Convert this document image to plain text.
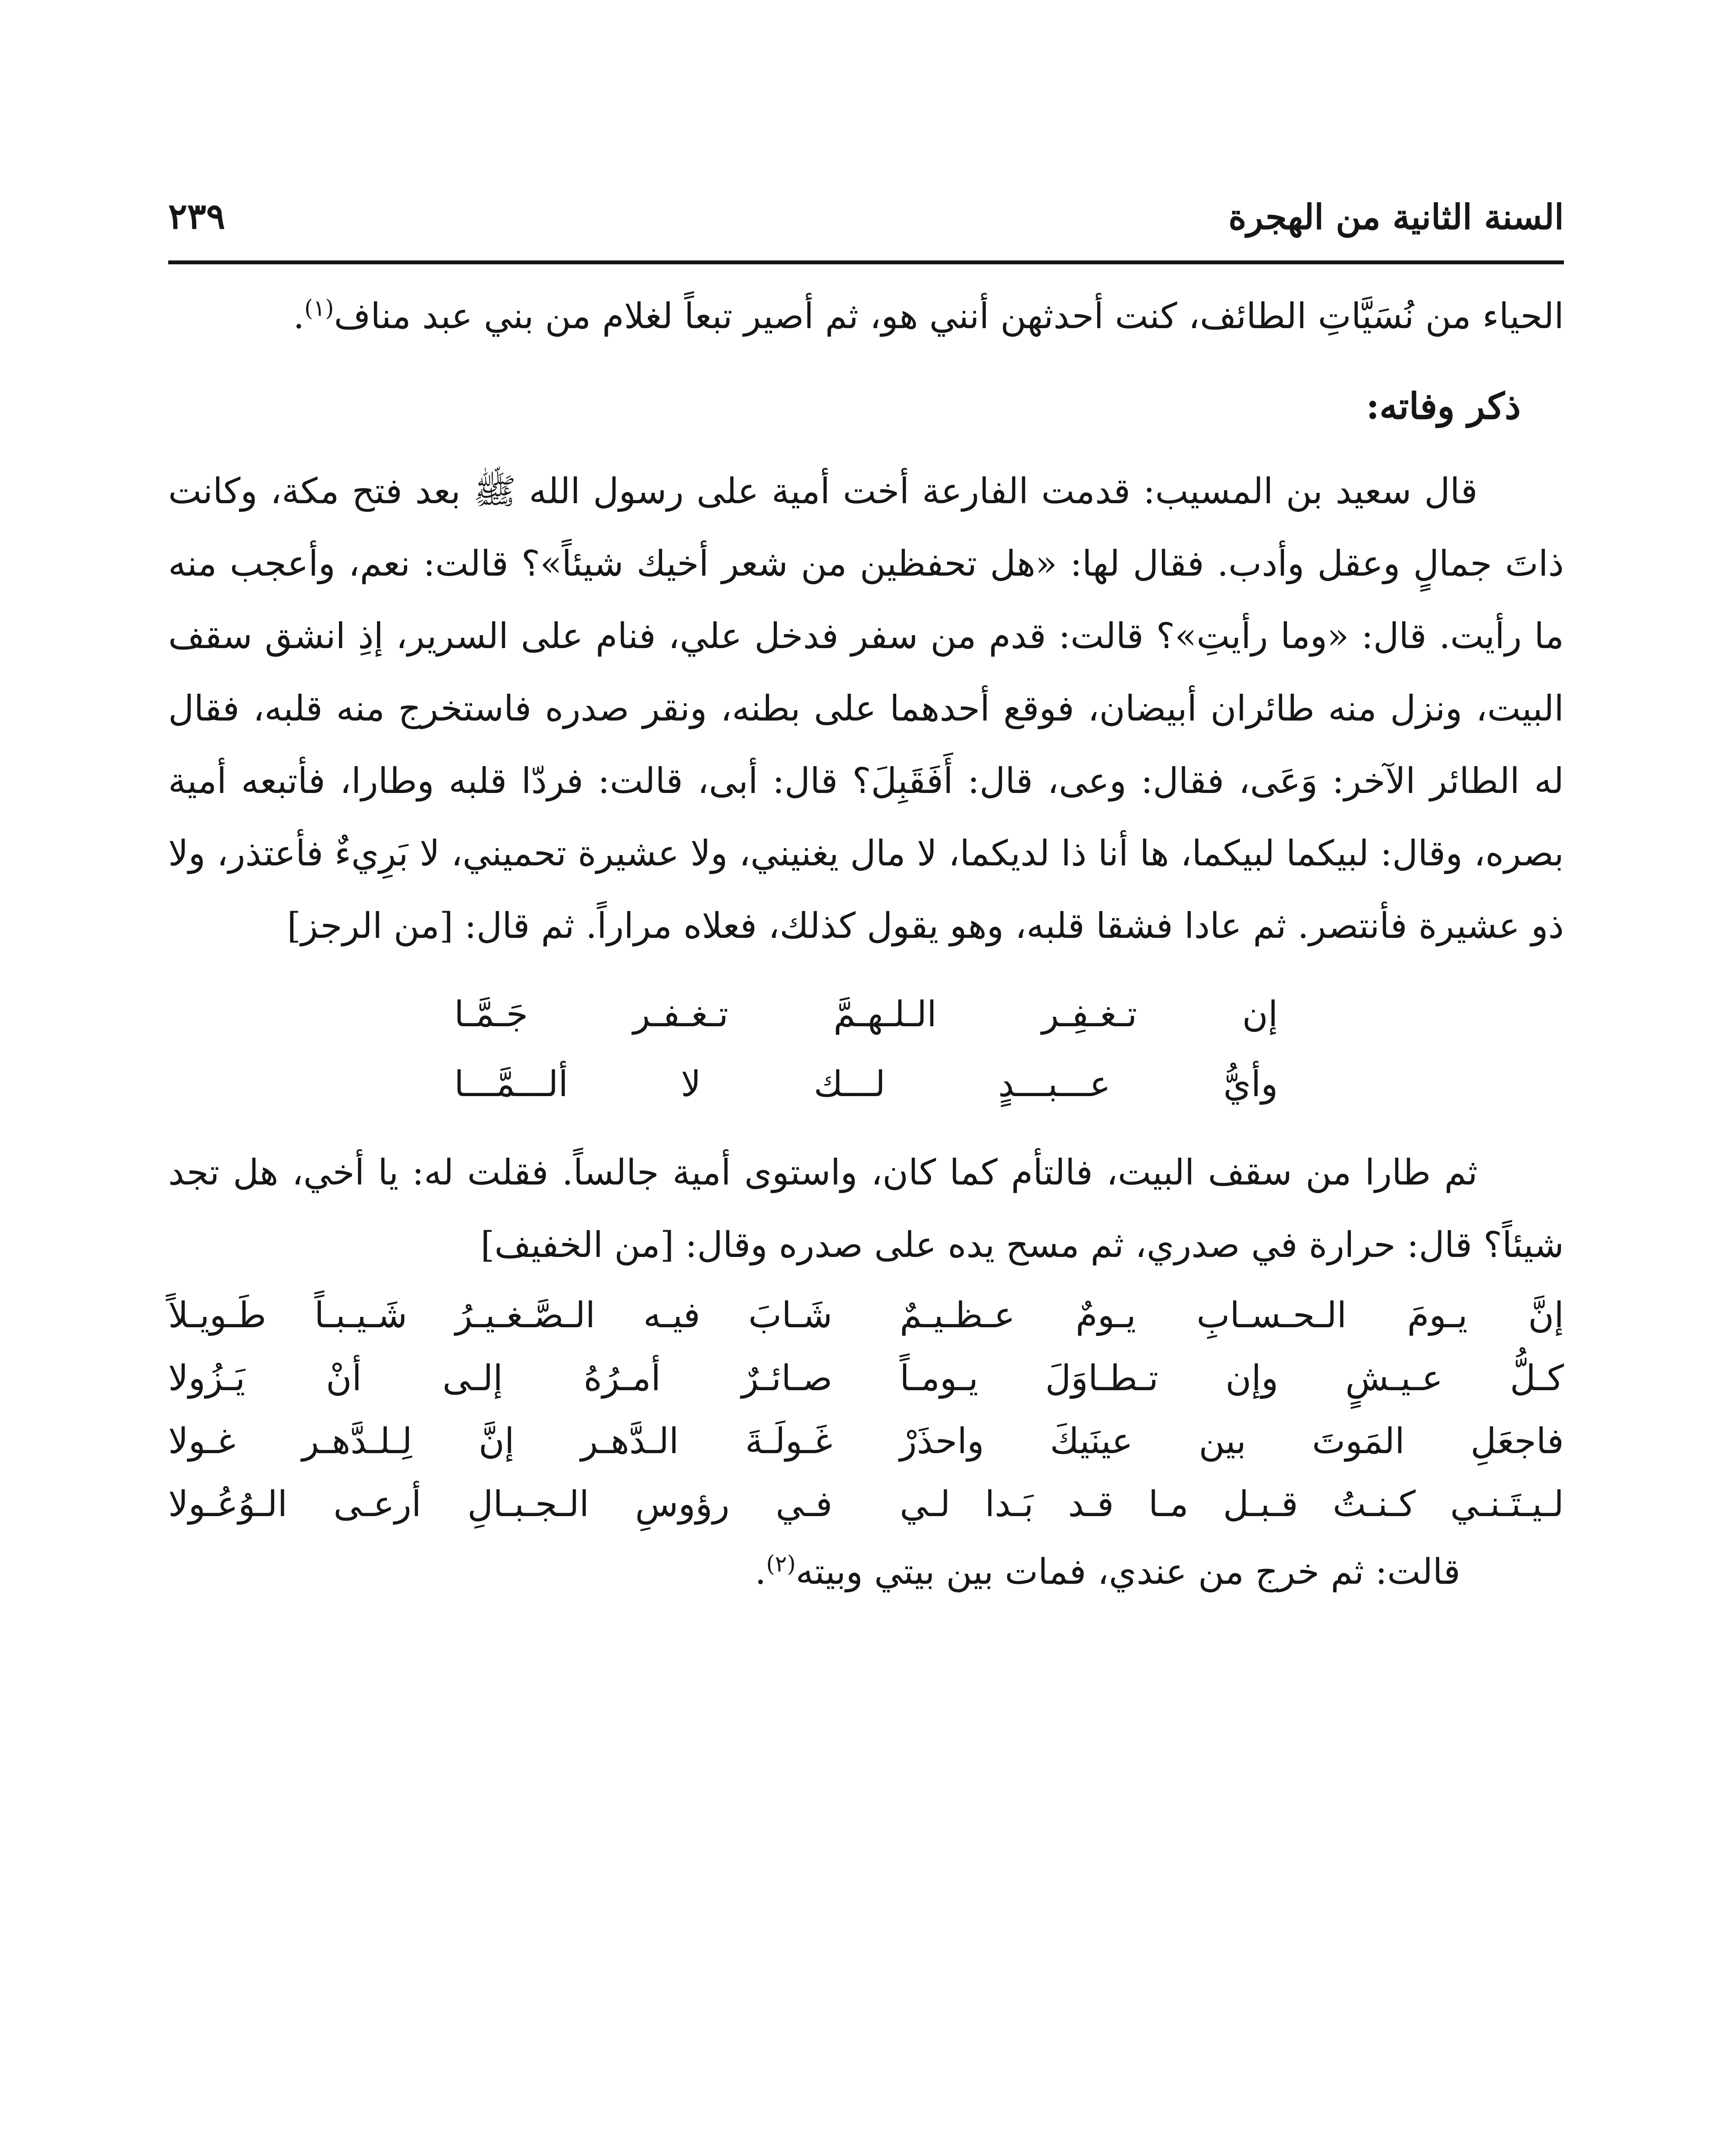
السنة الثانية من الهجرة
٢٣٩

الحياء من نُسَيَّاتِ الطائف، كنت أحدثهن أنني هو، ثم أصير تبعاً لغلام من بني عبد مناف$^{(١)}$.

ذكر وفاته:

قال سعيد بن المسيب: قدمت الفارعة أخت أمية على رسول الله ﷺ بعد فتح مكة، وكانت ذاتَ جمالٍ وعقل وأدب. فقال لها: «هل تحفظين من شعر أخيك شيئاً»؟ قالت: نعم، وأعجب منه ما رأيت. قال: «وما رأيتِ»؟ قالت: قدم من سفر فدخل علي، فنام على السرير، إذِ انشق سقف البيت، ونزل منه طائران أبيضان، فوقع أحدهما على بطنه، ونقر صدره فاستخرج منه قلبه، فقال له الطائر الآخر: وَعَى، فقال: وعى، قال: أَفَقَبِلَ؟ قال: أبى، قالت: فردّا قلبه وطارا، فأتبعه أمية بصره، وقال: لبيكما لبيكما، ها أنا ذا لديكما، لا مال يغنيني، ولا عشيرة تحميني، لا بَرِيءٌ فأعتذر، ولا ذو عشيرة فأنتصر. ثم عادا فشقا قلبه، وهو يقول كذلك، فعلاه مراراً. ثم قال: [من الرجز]

إن تـغـفِـر الـلـهـمَّ تـغـفـر جَـمَّـا
وأيُّ عـــبـــدٍ لـــك لا ألـــمَّـــا

ثم طارا من سقف البيت، فالتأم كما كان، واستوى أمية جالساً. فقلت له: يا أخي، هل تجد شيئاً؟ قال: حرارة في صدري، ثم مسح يده على صدره وقال: [من الخفيف]

إنَّ يـومَ الـحـسـابِ يـومٌ عـظـيـمٌ
شَـابَ فيـه الـصَّـغـيـرُ شَـيـبـاً طَـويـلاً
كـلُّ عـيـشٍ وإن تـطـاوَلَ يـومـاً
صـائـرٌ أمـرُهُ إلـى أنْ يَـزُولا
فاجعَلِ المَوتَ بين عينَيكَ واحذَرْ
غَـولَـةَ الـدَّهـر إنَّ لِـلـدَّهـر غـولا
لـيـتَـنـي كـنـتُ قـبـل مـا قـد بَـدا لـي
فـي رؤوسِ الـجـبـالِ أرعـى الـوُعُـولا

قالت: ثم خرج من عندي، فمات بين بيتي وبيته$^{(٢)}$.
